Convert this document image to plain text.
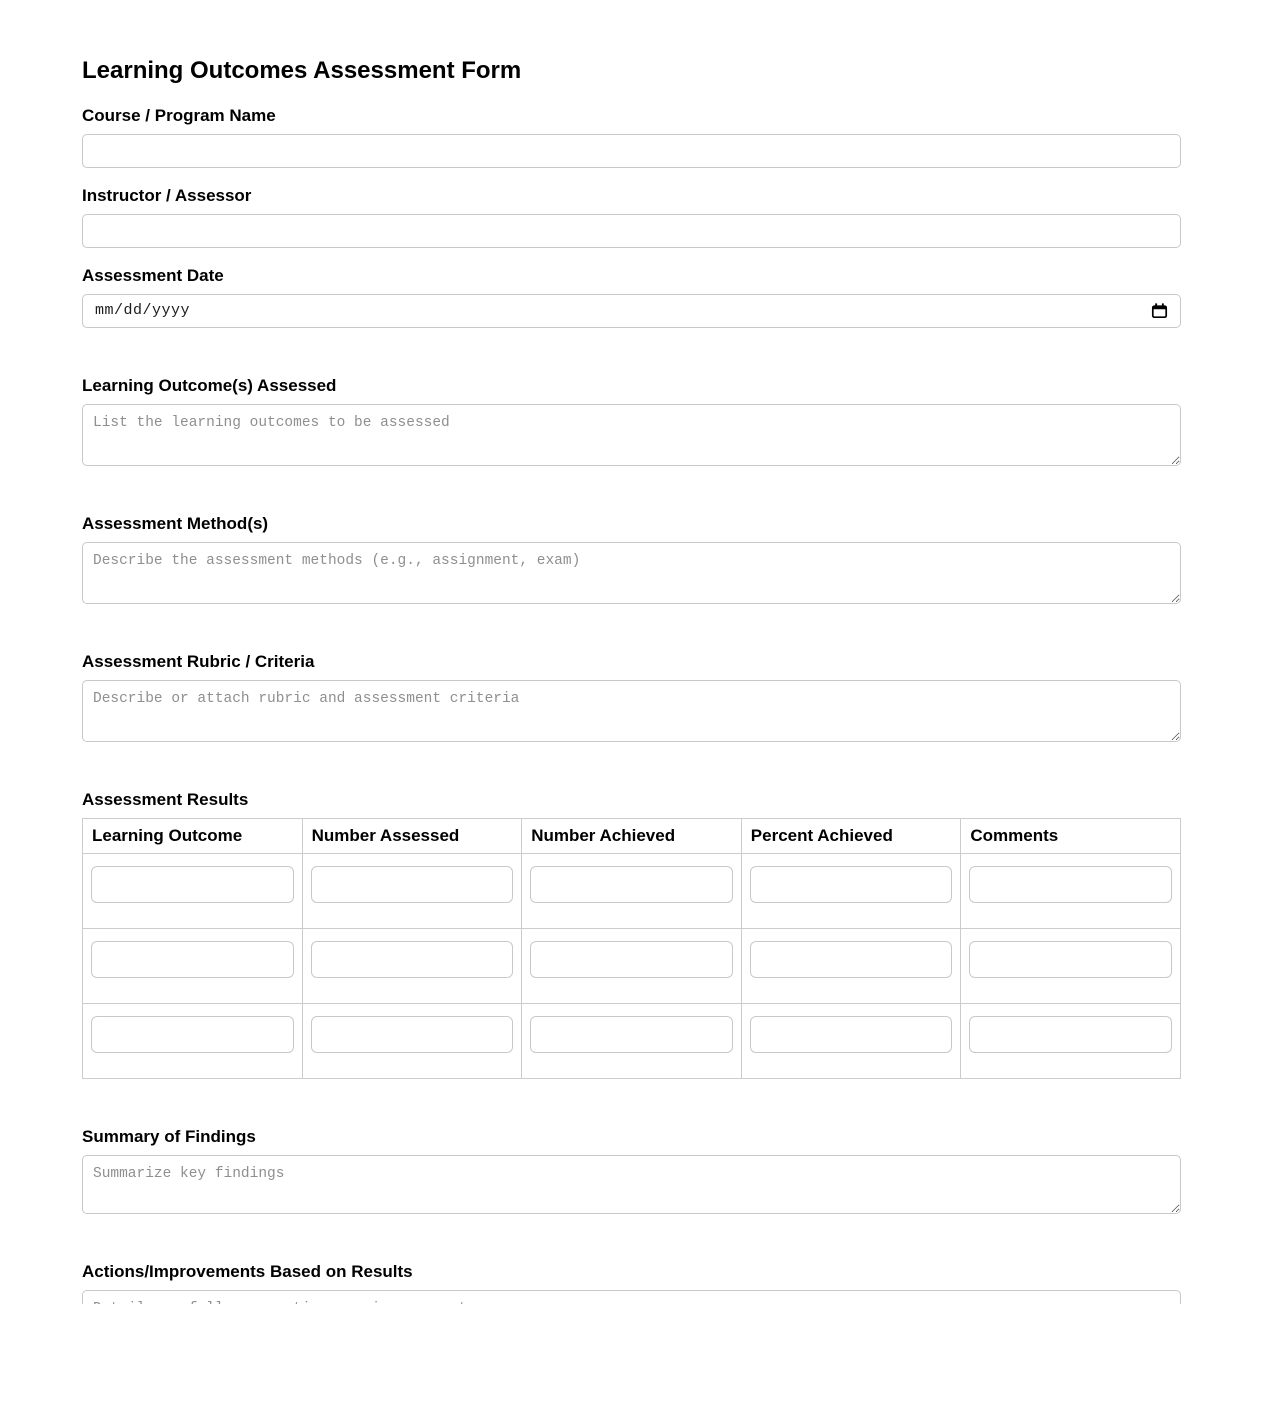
Learning Outcomes Assessment Form
Course / Program Name
Instructor / Assessor
Assessment Date
mm/dd/yyyy
Learning Outcome(s) Assessed
List the learning outcomes to be assessed
Assessment Method(s)
Describe the assessment methods (e.g., assignment, exam)
Assessment Rubric / Criteria
Describe or attach rubric and assessment criteria
Assessment Results
Learning Outcome	Number Assessed	Number Achieved	Percent Achieved	Comments

Summary of Findings
Summarize key findings
Actions/Improvements Based on Results
Detail any follow-up actions or improvements
